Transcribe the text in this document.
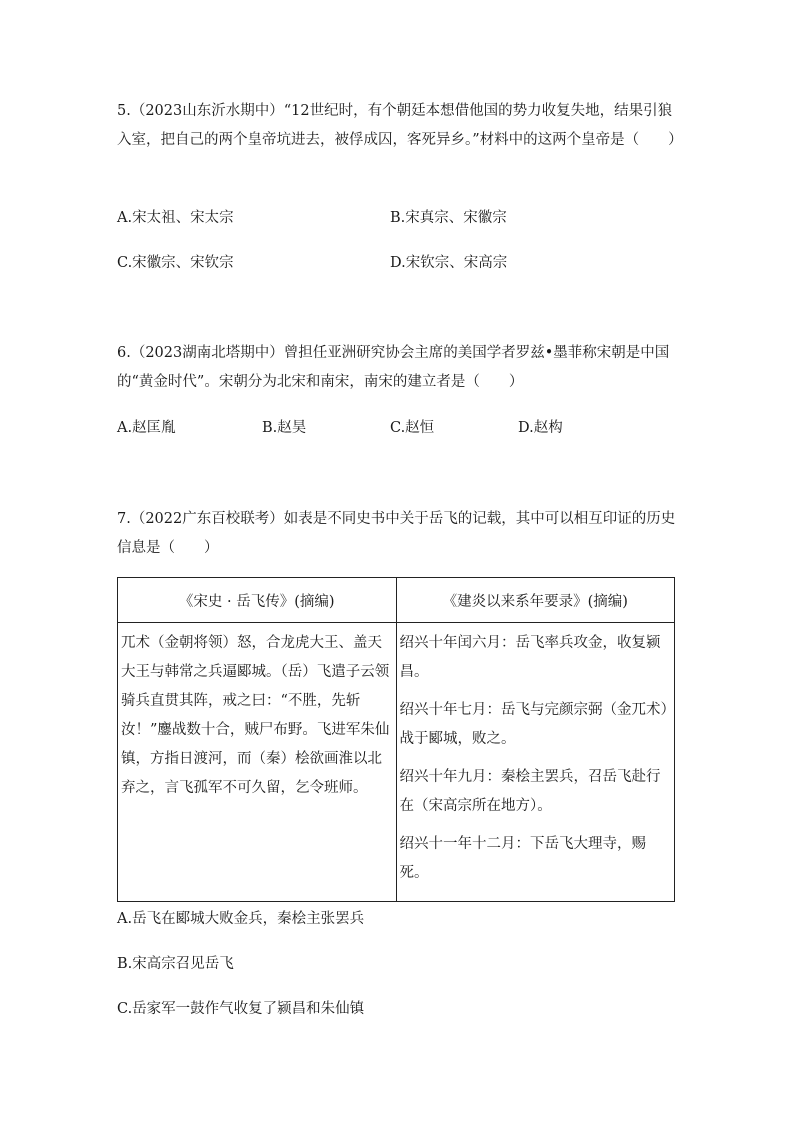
5.（2023山东沂水期中）“12世纪时，有个朝廷本想借他国的势力收复失地，结果引狼入室，把自己的两个皇帝坑进去，被俘成囚，客死异乡。”材料中的这两个皇帝是（　　）

A.宋太祖、宋太宗	B.宋真宗、宋徽宗
C.宋徽宗、宋钦宗	D.宋钦宗、宋高宗

6.（2023湖南北塔期中）曾担任亚洲研究协会主席的美国学者罗兹•墨菲称宋朝是中国的“黄金时代”。宋朝分为北宋和南宋，南宋的建立者是（　　）

A.赵匡胤	B.赵昊	C.赵恒	D.赵构

7.（2022广东百校联考）如表是不同史书中关于岳飞的记载，其中可以相互印证的历史信息是（　　）

《宋史 · 岳飞传》(摘编)	《建炎以来系年要录》(摘编)
兀术（金朝将领）怒，合龙虎大王、盖天大王与韩常之兵逼郾城。（岳）飞遣子云领骑兵直贯其阵，戒之曰：“不胜，先斩汝！”鏖战数十合，贼尸布野。飞进军朱仙镇，方指日渡河，而（秦）桧欲画淮以北弃之，言飞孤军不可久留，乞令班师。	绍兴十年闰六月：岳飞率兵攻金，收复颍昌。

绍兴十年七月：岳飞与完颜宗弼（金兀术）战于郾城，败之。

绍兴十年九月：秦桧主罢兵，召岳飞赴行在（宋高宗所在地方）。

绍兴十一年十二月：下岳飞大理寺，赐死。

A.岳飞在郾城大败金兵，秦桧主张罢兵
B.宋高宗召见岳飞
C.岳家军一鼓作气收复了颍昌和朱仙镇
